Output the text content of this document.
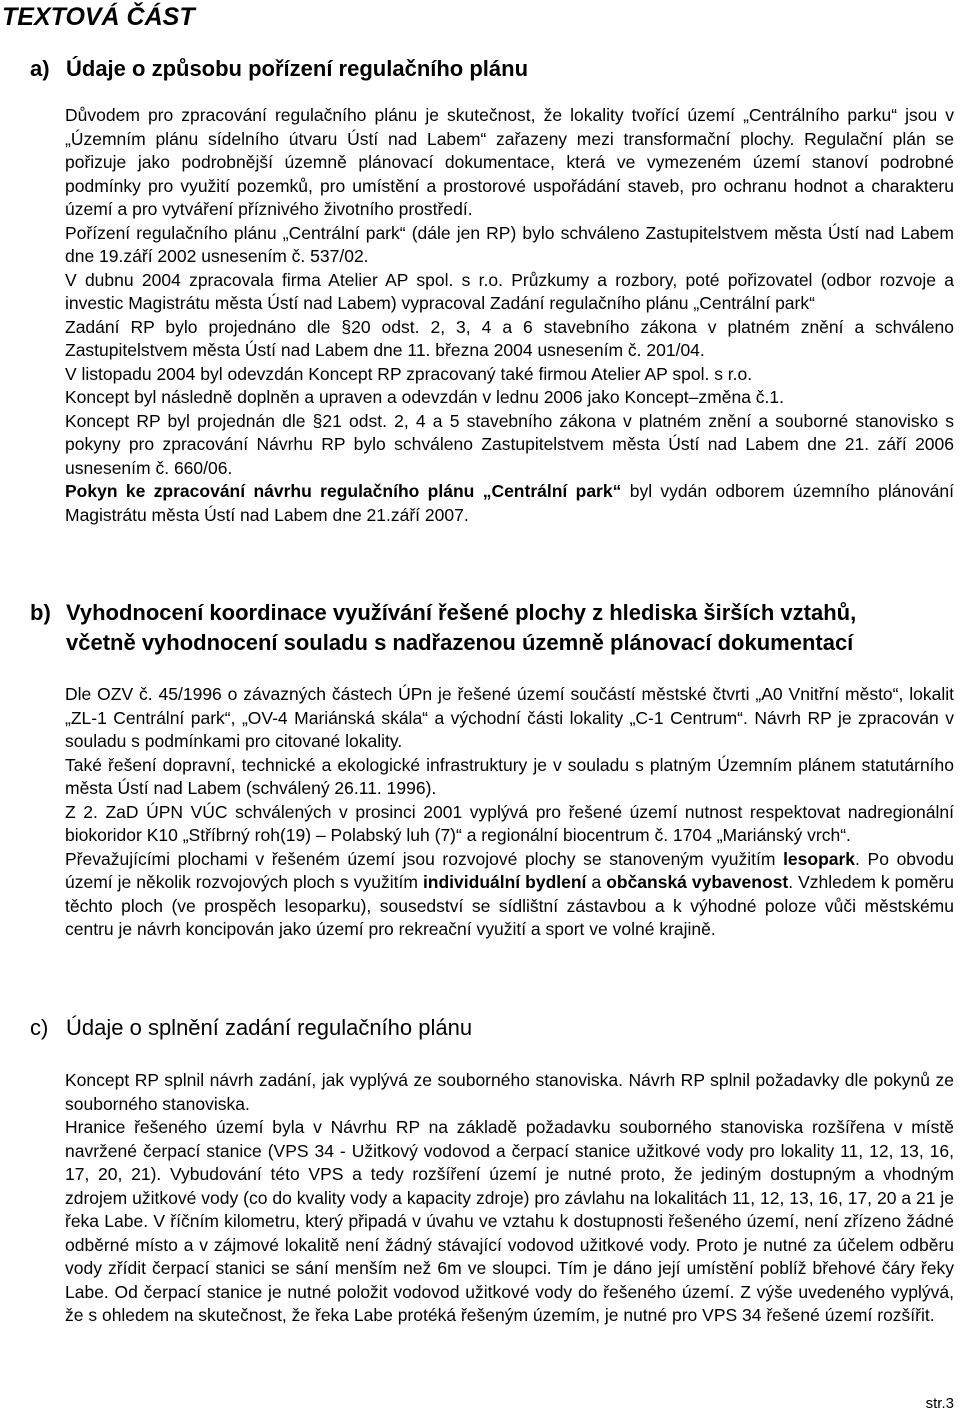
TEXTOVÁ ČÁST
a) Údaje o způsobu pořízení regulačního plánu

Důvodem pro zpracování regulačního plánu je skutečnost, že lokality tvořící území „Centrálního parku“ jsou v „Územním plánu sídelního útvaru Ústí nad Labem“ zařazeny mezi transformační plochy. Regulační plán se pořizuje jako podrobnější územně plánovací dokumentace, která ve vymezeném území stanoví podrobné podmínky pro využití pozemků, pro umístění a prostorové uspořádání staveb, pro ochranu hodnot a charakteru území a pro vytváření příznivého životního prostředí.

Pořízení regulačního plánu „Centrální park“ (dále jen RP) bylo schváleno Zastupitelstvem města Ústí nad Labem dne 19.září 2002 usnesením č. 537/02.

V dubnu 2004 zpracovala firma Atelier AP spol. s r.o. Průzkumy a rozbory, poté pořizovatel (odbor rozvoje a investic Magistrátu města Ústí nad Labem) vypracoval Zadání regulačního plánu „Centrální park“

Zadání RP bylo projednáno dle §20 odst. 2, 3, 4 a 6 stavebního zákona v platném znění a schváleno Zastupitelstvem města Ústí nad Labem dne 11. března 2004 usnesením č. 201/04.

V listopadu 2004 byl odevzdán Koncept RP zpracovaný také firmou Atelier AP spol. s r.o.

Koncept byl následně doplněn a upraven a odevzdán v lednu 2006 jako Koncept–změna č.1.

Koncept RP byl projednán dle §21 odst. 2, 4 a 5 stavebního zákona v platném znění a souborné stanovisko s pokyny pro zpracování Návrhu RP bylo schváleno Zastupitelstvem města Ústí nad Labem dne 21. září 2006 usnesením č. 660/06.

Pokyn ke zpracování návrhu regulačního plánu „Centrální park“ byl vydán odborem územního plánování Magistrátu města Ústí nad Labem dne 21.září 2007.

b) Vyhodnocení koordinace využívání řešené plochy z hlediska širších vztahů, včetně vyhodnocení souladu s nadřazenou územně plánovací dokumentací

Dle OZV č. 45/1996 o závazných částech ÚPn je řešené území součástí městské čtvrti „A0 Vnitřní město“, lokalit „ZL-1 Centrální park“, „OV-4 Mariánská skála“ a východní části lokality „C-1 Centrum“. Návrh RP je zpracován v souladu s podmínkami pro citované lokality.

Také řešení dopravní, technické a ekologické infrastruktury je v souladu s platným Územním plánem statutárního města Ústí nad Labem (schválený 26.11. 1996).

Z 2. ZaD ÚPN VÚC schválených v prosinci 2001 vyplývá pro řešené území nutnost respektovat nadregionální biokoridor K10 „Stříbrný roh(19) – Polabský luh (7)“ a regionální biocentrum č. 1704 „Mariánský vrch“.

Převažujícími plochami v řešeném území jsou rozvojové plochy se stanoveným využitím lesopark. Po obvodu území je několik rozvojových ploch s využitím individuální bydlení a občanská vybavenost. Vzhledem k poměru těchto ploch (ve prospěch lesoparku), sousedství se sídlištní zástavbou a k výhodné poloze vůči městskému centru je návrh koncipován jako území pro rekreační využití a sport ve volné krajině.

c) Údaje o splnění zadání regulačního plánu

Koncept RP splnil návrh zadání, jak vyplývá ze souborného stanoviska. Návrh RP splnil požadavky dle pokynů ze souborného stanoviska.

Hranice řešeného území byla v Návrhu RP na základě požadavku souborného stanoviska rozšířena v místě navržené čerpací stanice (VPS 34 - Užitkový vodovod a čerpací stanice užitkové vody pro lokality 11, 12, 13, 16, 17, 20, 21). Vybudování této VPS a tedy rozšíření území je nutné proto, že jediným dostupným a vhodným zdrojem užitkové vody (co do kvality vody a kapacity zdroje) pro závlahu na lokalitách 11, 12, 13, 16, 17, 20 a 21 je řeka Labe. V říčním kilometru, který připadá v úvahu ve vztahu k dostupnosti řešeného území, není zřízeno žádné odběrné místo a v zájmové lokalitě není žádný stávající vodovod užitkové vody. Proto je nutné za účelem odběru vody zřídit čerpací stanici se sání menším než 6m ve sloupci. Tím je dáno její umístění poblíž břehové čáry řeky Labe. Od čerpací stanice je nutné položit vodovod užitkové vody do řešeného území. Z výše uvedeného vyplývá, že s ohledem na skutečnost, že řeka Labe protéká řešeným územím, je nutné pro VPS 34 řešené území rozšířit.

str.3
